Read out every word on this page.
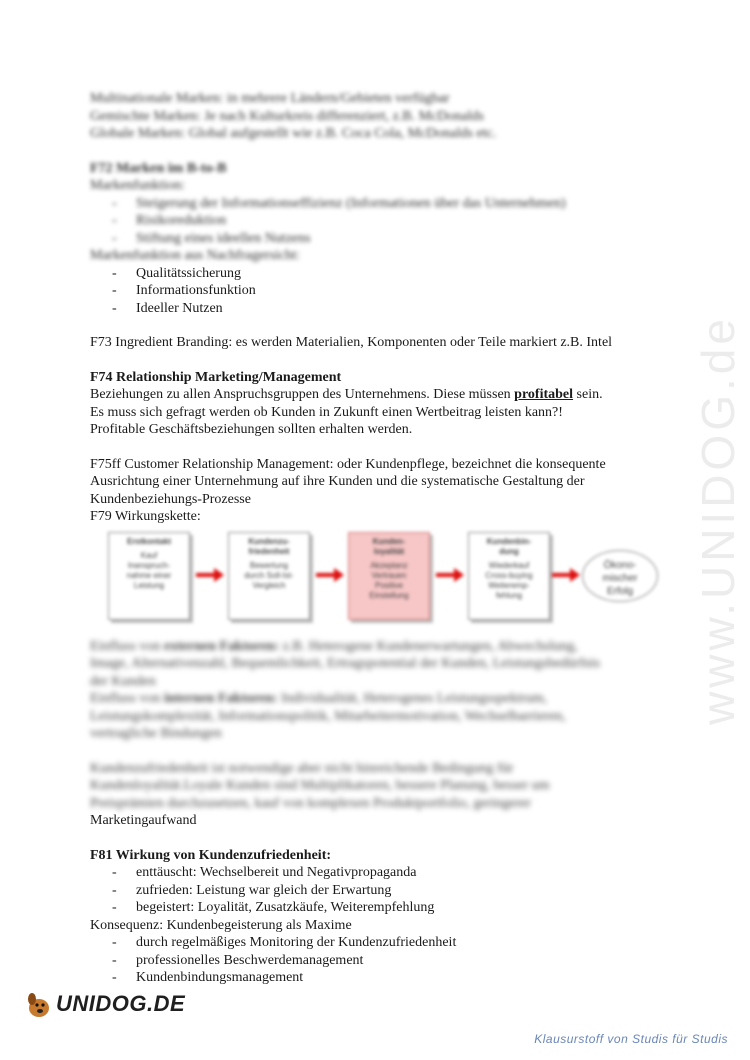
www.UNIDOG.de

Multinationale Marken: in mehrere Ländern/Gebieten verfügbar

Gemischte Marken: Je nach Kulturkreis differenziert, z.B. McDonalds

Globale Marken: Global aufgestellt wie z.B. Coca Cola, McDonalds etc.

F72 Marken im B-to-B

Markenfunktion:

- Steigerung der Informationseffizienz (Informationen über das Unternehmen)
- Risikoreduktion
- Stiftung eines ideellen Nutzens

Markenfunktion aus Nachfragersicht:

- Qualitätssicherung
- Informationsfunktion
- Ideeller Nutzen

F73 Ingredient Branding: es werden Materialien, Komponenten oder Teile markiert z.B. Intel

F74 Relationship Marketing/Management

Beziehungen zu allen Anspruchsgruppen des Unternehmens. Diese müssen profitabel sein.

Es muss sich gefragt werden ob Kunden in Zukunft einen Wertbeitrag leisten kann?!

Profitable Geschäftsbeziehungen sollten erhalten werden.

F75ff Customer Relationship Management: oder Kundenpflege, bezeichnet die konsequente

Ausrichtung einer Unternehmung auf ihre Kunden und die systematische Gestaltung der

Kundenbeziehungs-Prozesse

F79 Wirkungskette:

Erstkontakt
Kauf
Inanspruch-
nahme einer
Leistung
Kundenzu-
friedenheit
Bewertung
durch Soll-Ist-
Vergleich
Kunden-
loyalität
Akzeptanz
Vertrauen
Positive
Einstellung
Kundenbin-
dung
Wiederkauf
Cross-buying
Weiteremp-
fehlung
Ökono-
mischer
Erfolg

Einfluss von externen Faktoren: z.B. Heterogene Kundenerwartungen, Abwechslung,

Image, Alternativenzahl, Bequemlichkeit, Ertragspotential der Kunden, Leistungsbedürfnis

der Kunden

Einfluss von internen Faktoren: Individualität, Heterogenes Leistungsspektrum,

Leistungskomplexität, Informationspolitik, Mitarbeitermotivation, Wechselbarrieren,

vertragliche Bindungen

Kundenzufriedenheit ist notwendige aber nicht hinreichende Bedingung für

Kundenloyalität.Loyale Kunden sind Multiplikatoren, bessere Planung, besser um

Preisprämien durchzusetzen, kauf von komplexen Produktportfolio, geringerer

Marketingaufwand

F81 Wirkung von Kundenzufriedenheit:
- enttäuscht: Wechselbereit und Negativpropaganda
- zufrieden: Leistung war gleich der Erwartung
- begeistert: Loyalität, Zusatzkäufe, Weiterempfehlung

Konsequenz: Kundenbegeisterung als Maxime

- durch regelmäßiges Monitoring der Kundenzufriedenheit
- professionelles Beschwerdemanagement
- Kundenbindungsmanagement
UNIDOG.DE
Klausurstoff von Studis für Studis
